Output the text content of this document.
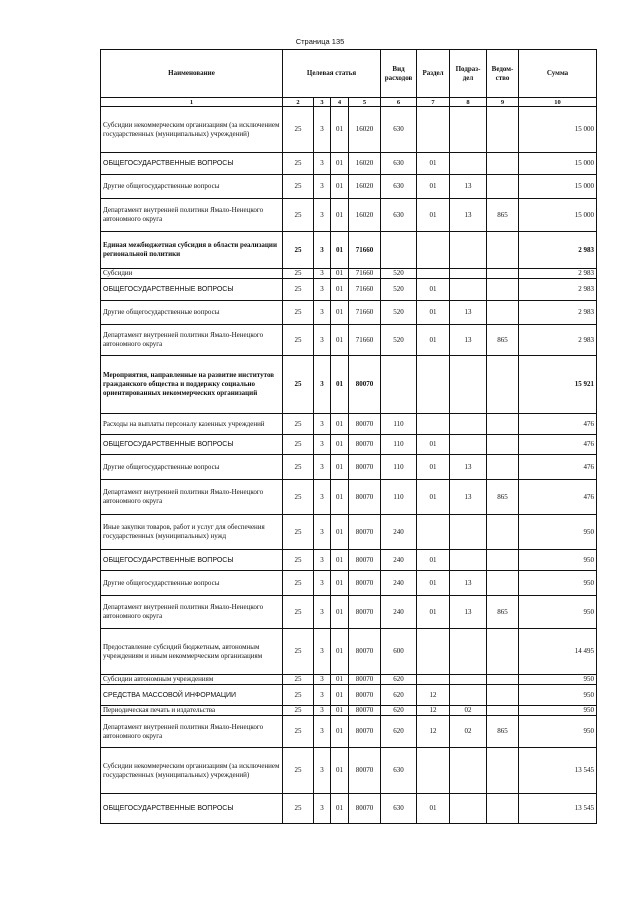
Страница 135
Наименование	Целевая статья				Вид расходов	Раздел	Подраз-дел	Ведом-ство	Сумма
1	2	3	4	5	6	7	8	9	10
Субсидии некоммерческим организациям (за исключением государственных (муниципальных) учреждений)	25	3	01	16020	630				15 000
ОБЩЕГОСУДАРСТВЕННЫЕ ВОПРОСЫ	25	3	01	16020	630	01			15 000
Другие общегосударственные вопросы	25	3	01	16020	630	01	13		15 000
Департамент внутренней политики Ямало-Ненецкого автономного округа	25	3	01	16020	630	01	13	865	15 000
Единая межбюджетная субсидия в области реализации региональной политики	25	3	01	71660					2 983
Субсидии	25	3	01	71660	520				2 983
ОБЩЕГОСУДАРСТВЕННЫЕ ВОПРОСЫ	25	3	01	71660	520	01			2 983
Другие общегосударственные вопросы	25	3	01	71660	520	01	13		2 983
Департамент внутренней политики Ямало-Ненецкого автономного округа	25	3	01	71660	520	01	13	865	2 983
Мероприятия, направленные на развитие институтов гражданского общества и поддержку социально ориентированных некоммерческих организаций	25	3	01	80070					15 921
Расходы на выплаты персоналу казенных учреждений	25	3	01	80070	110				476
ОБЩЕГОСУДАРСТВЕННЫЕ ВОПРОСЫ	25	3	01	80070	110	01			476
Другие общегосударственные вопросы	25	3	01	80070	110	01	13		476
Департамент внутренней политики Ямало-Ненецкого автономного округа	25	3	01	80070	110	01	13	865	476
Иные закупки товаров, работ и услуг для обеспечения государственных (муниципальных) нужд	25	3	01	80070	240				950
ОБЩЕГОСУДАРСТВЕННЫЕ ВОПРОСЫ	25	3	01	80070	240	01			950
Другие общегосударственные вопросы	25	3	01	80070	240	01	13		950
Департамент внутренней политики Ямало-Ненецкого автономного округа	25	3	01	80070	240	01	13	865	950
Предоставление субсидий бюджетным, автономным учреждениям и иным некоммерческим организациям	25	3	01	80070	600				14 495
Субсидии автономным учреждениям	25	3	01	80070	620				950
СРЕДСТВА МАССОВОЙ ИНФОРМАЦИИ	25	3	01	80070	620	12			950
Периодическая печать и издательства	25	3	01	80070	620	12	02		950
Департамент внутренней политики Ямало-Ненецкого автономного округа	25	3	01	80070	620	12	02	865	950
Субсидии некоммерческим организациям (за исключением государственных (муниципальных) учреждений)	25	3	01	80070	630				13 545
ОБЩЕГОСУДАРСТВЕННЫЕ ВОПРОСЫ	25	3	01	80070	630	01			13 545
